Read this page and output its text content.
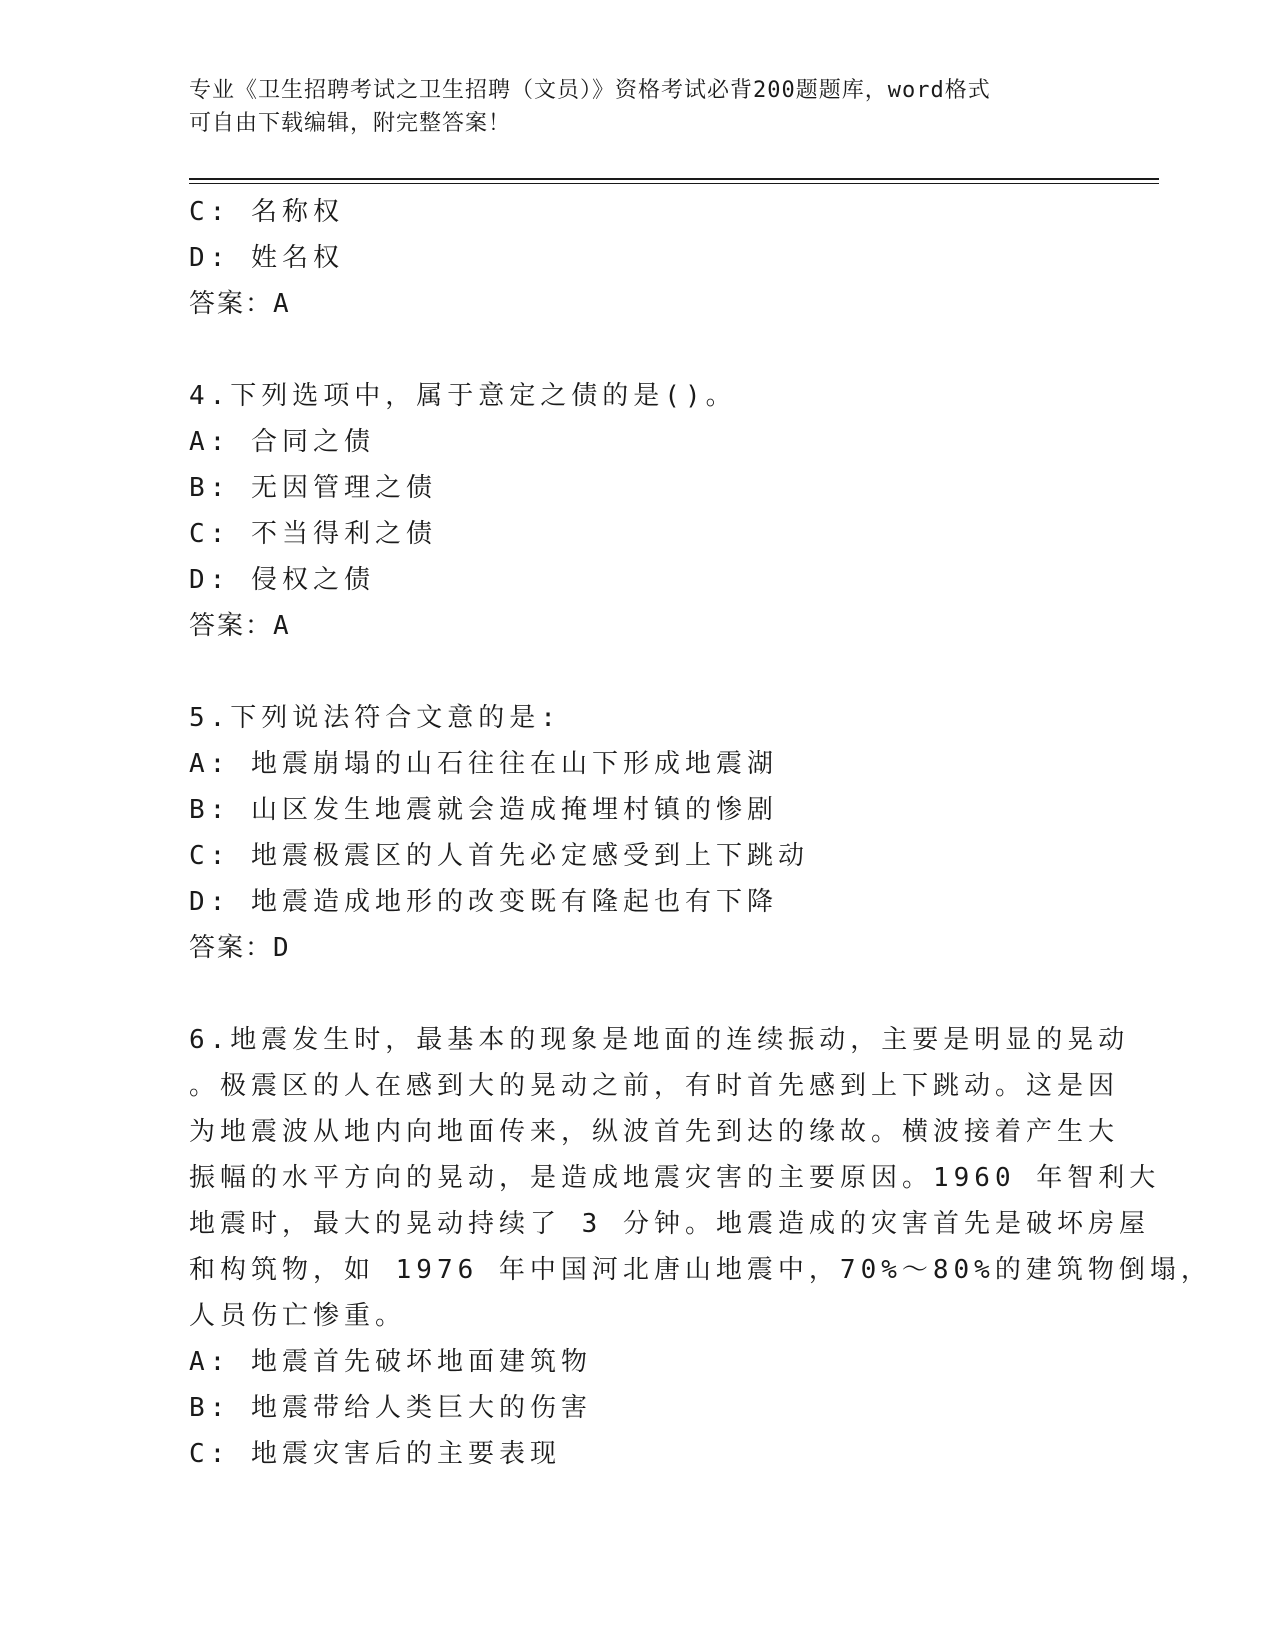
专业《卫生招聘考试之卫生招聘（文员）》资格考试必背200题题库，word格式
可自由下载编辑，附完整答案！
C: 名称权
D: 姓名权
答案：A
4.下列选项中，属于意定之债的是()。
A: 合同之债
B: 无因管理之债
C: 不当得利之债
D: 侵权之债
答案：A
5.下列说法符合文意的是:
A: 地震崩塌的山石往往在山下形成地震湖
B: 山区发生地震就会造成掩埋村镇的惨剧
C: 地震极震区的人首先必定感受到上下跳动
D: 地震造成地形的改变既有隆起也有下降
答案：D
6.地震发生时，最基本的现象是地面的连续振动，主要是明显的晃动
。极震区的人在感到大的晃动之前，有时首先感到上下跳动。这是因
为地震波从地内向地面传来，纵波首先到达的缘故。横波接着产生大
振幅的水平方向的晃动，是造成地震灾害的主要原因。1960 年智利大
地震时，最大的晃动持续了 3 分钟。地震造成的灾害首先是破坏房屋
和构筑物，如 1976 年中国河北唐山地震中，70%～80%的建筑物倒塌，
人员伤亡惨重。
A: 地震首先破坏地面建筑物
B: 地震带给人类巨大的伤害
C: 地震灾害后的主要表现
